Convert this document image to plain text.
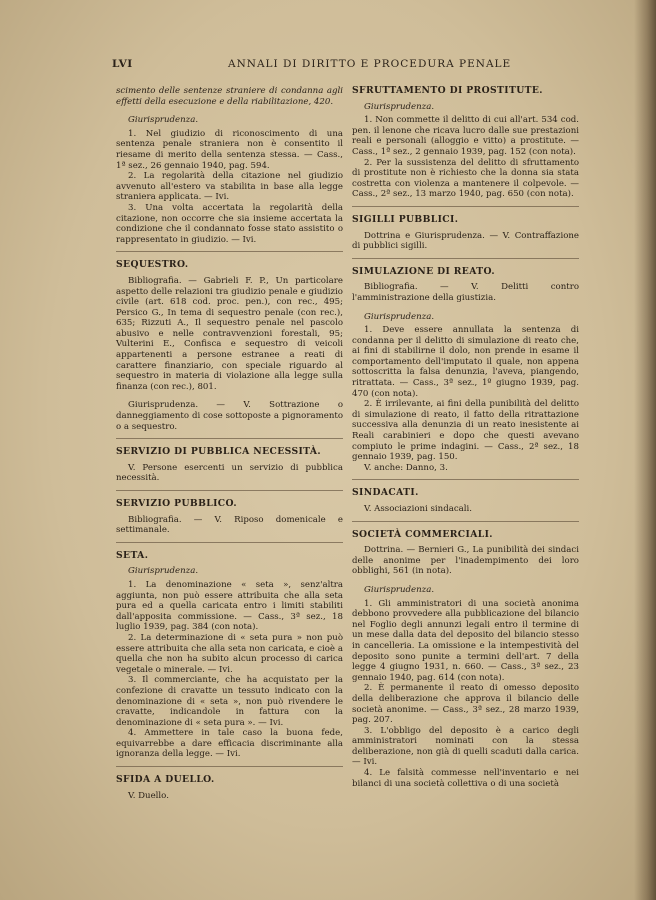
LVI	ANNALI DI DIRITTO E PROCEDURA PENALE

scimento delle sentenze straniere di condanna agli effetti della esecuzione e della riabilitazione, 420.

Giurisprudenza.

1. Nel giudizio di riconoscimento di una sentenza penale straniera non è consentito il riesame di merito della sentenza stessa. — Cass., 1ª sez., 26 gennaio 1940, pag. 594.

2. La regolarità della citazione nel giudizio avvenuto all'estero va stabilita in base alla legge straniera applicata. — Ivi.

3. Una volta accertata la regolarità della citazione, non occorre che sia insieme accertata la condizione che il condannato fosse stato assistito o rappresentato in giudizio. — Ivi.

SEQUESTRO.

Bibliografia. — Gabrieli F. P., Un particolare aspetto delle relazioni tra giudizio penale e giudizio civile (art. 618 cod. proc. pen.), con rec., 495; Persico G., In tema di sequestro penale (con rec.), 635; Rizzuti A., Il sequestro penale nel pascolo abusivo e nelle contravvenzioni forestali, 95; Vulterini E., Confisca e sequestro di veicoli appartenenti a persone estranee a reati di carattere finanziario, con speciale riguardo al sequestro in materia di violazione alla legge sulla finanza (con rec.), 801.

Giurisprudenza. — V. Sottrazione o danneggiamento di cose sottoposte a pignoramento o a sequestro.

SERVIZIO DI PUBBLICA NECESSITÀ.

V. Persone esercenti un servizio di pubblica necessità.

SERVIZIO PUBBLICO.

Bibliografia. — V. Riposo domenicale e settimanale.

SETA.

Giurisprudenza.

1. La denominazione « seta », senz'altra aggiunta, non può essere attribuita che alla seta pura ed a quella caricata entro i limiti stabiliti dall'apposita commissione. — Cass., 3ª sez., 18 luglio 1939, pag. 384 (con nota).

2. La determinazione di « seta pura » non può essere attribuita che alla seta non caricata, e cioè a quella che non ha subito alcun processo di carica vegetale o minerale. — Ivi.

3. Il commerciante, che ha acquistato per la confezione di cravatte un tessuto indicato con la denominazione di « seta », non può rivendere le cravatte, indicandole in fattura con la denominazione di « seta pura ». — Ivi.

4. Ammettere in tale caso la buona fede, equivarrebbe a dare efficacia discriminante alla ignoranza della legge. — Ivi.

SFIDA A DUELLO.

V. Duello.

SFRUTTAMENTO DI PROSTITUTE.

Giurisprudenza.

1. Non commette il delitto di cui all'art. 534 cod. pen. il lenone che ricava lucro dalle sue prestazioni reali e personali (alloggio e vitto) a prostitute. — Cass., 1ª sez., 2 gennaio 1939, pag. 152 (con nota).

2. Per la sussistenza del delitto di sfruttamento di prostitute non è richiesto che la donna sia stata costretta con violenza a mantenere il colpevole. — Cass., 2ª sez., 13 marzo 1940, pag. 650 (con nota).

SIGILLI PUBBLICI.

Dottrina e Giurisprudenza. — V. Contraffazione di pubblici sigilli.

SIMULAZIONE DI REATO.

Bibliografia. — V. Delitti contro l'amministrazione della giustizia.

Giurisprudenza.

1. Deve essere annullata la sentenza di condanna per il delitto di simulazione di reato che, ai fini di stabilirne il dolo, non prende in esame il comportamento dell'imputato il quale, non appena sottoscritta la falsa denunzia, l'aveva, piangendo, ritrattata. — Cass., 3ª sez., 1º giugno 1939, pag. 470 (con nota).

2. È irrilevante, ai fini della punibilità del delitto di simulazione di reato, il fatto della ritrattazione successiva alla denunzia di un reato inesistente ai Reali carabinieri e dopo che questi avevano compiuto le prime indagini. — Cass., 2ª sez., 18 gennaio 1939, pag. 150.

V. anche: Danno, 3.

SINDACATI.

V. Associazioni sindacali.

SOCIETÀ COMMERCIALI.

Dottrina. — Bernieri G., La punibilità dei sindaci delle anonime per l'inadempimento dei loro obblighi, 561 (in nota).

Giurisprudenza.

1. Gli amministratori di una società anonima debbono provvedere alla pubblicazione del bilancio nel Foglio degli annunzi legali entro il termine di un mese dalla data del deposito del bilancio stesso in cancelleria. La omissione e la intempestività del deposito sono punite a termini dell'art. 7 della legge 4 giugno 1931, n. 660. — Cass., 3ª sez., 23 gennaio 1940, pag. 614 (con nota).

2. È permanente il reato di omesso deposito della deliberazione che approva il bilancio delle società anonime. — Cass., 3ª sez., 28 marzo 1939, pag. 207.

3. L'obbligo del deposito è a carico degli amministratori nominati con la stessa deliberazione, non già di quelli scaduti dalla carica. — Ivi.

4. Le falsità commesse nell'inventario e nei bilanci di una società collettiva o di una società
